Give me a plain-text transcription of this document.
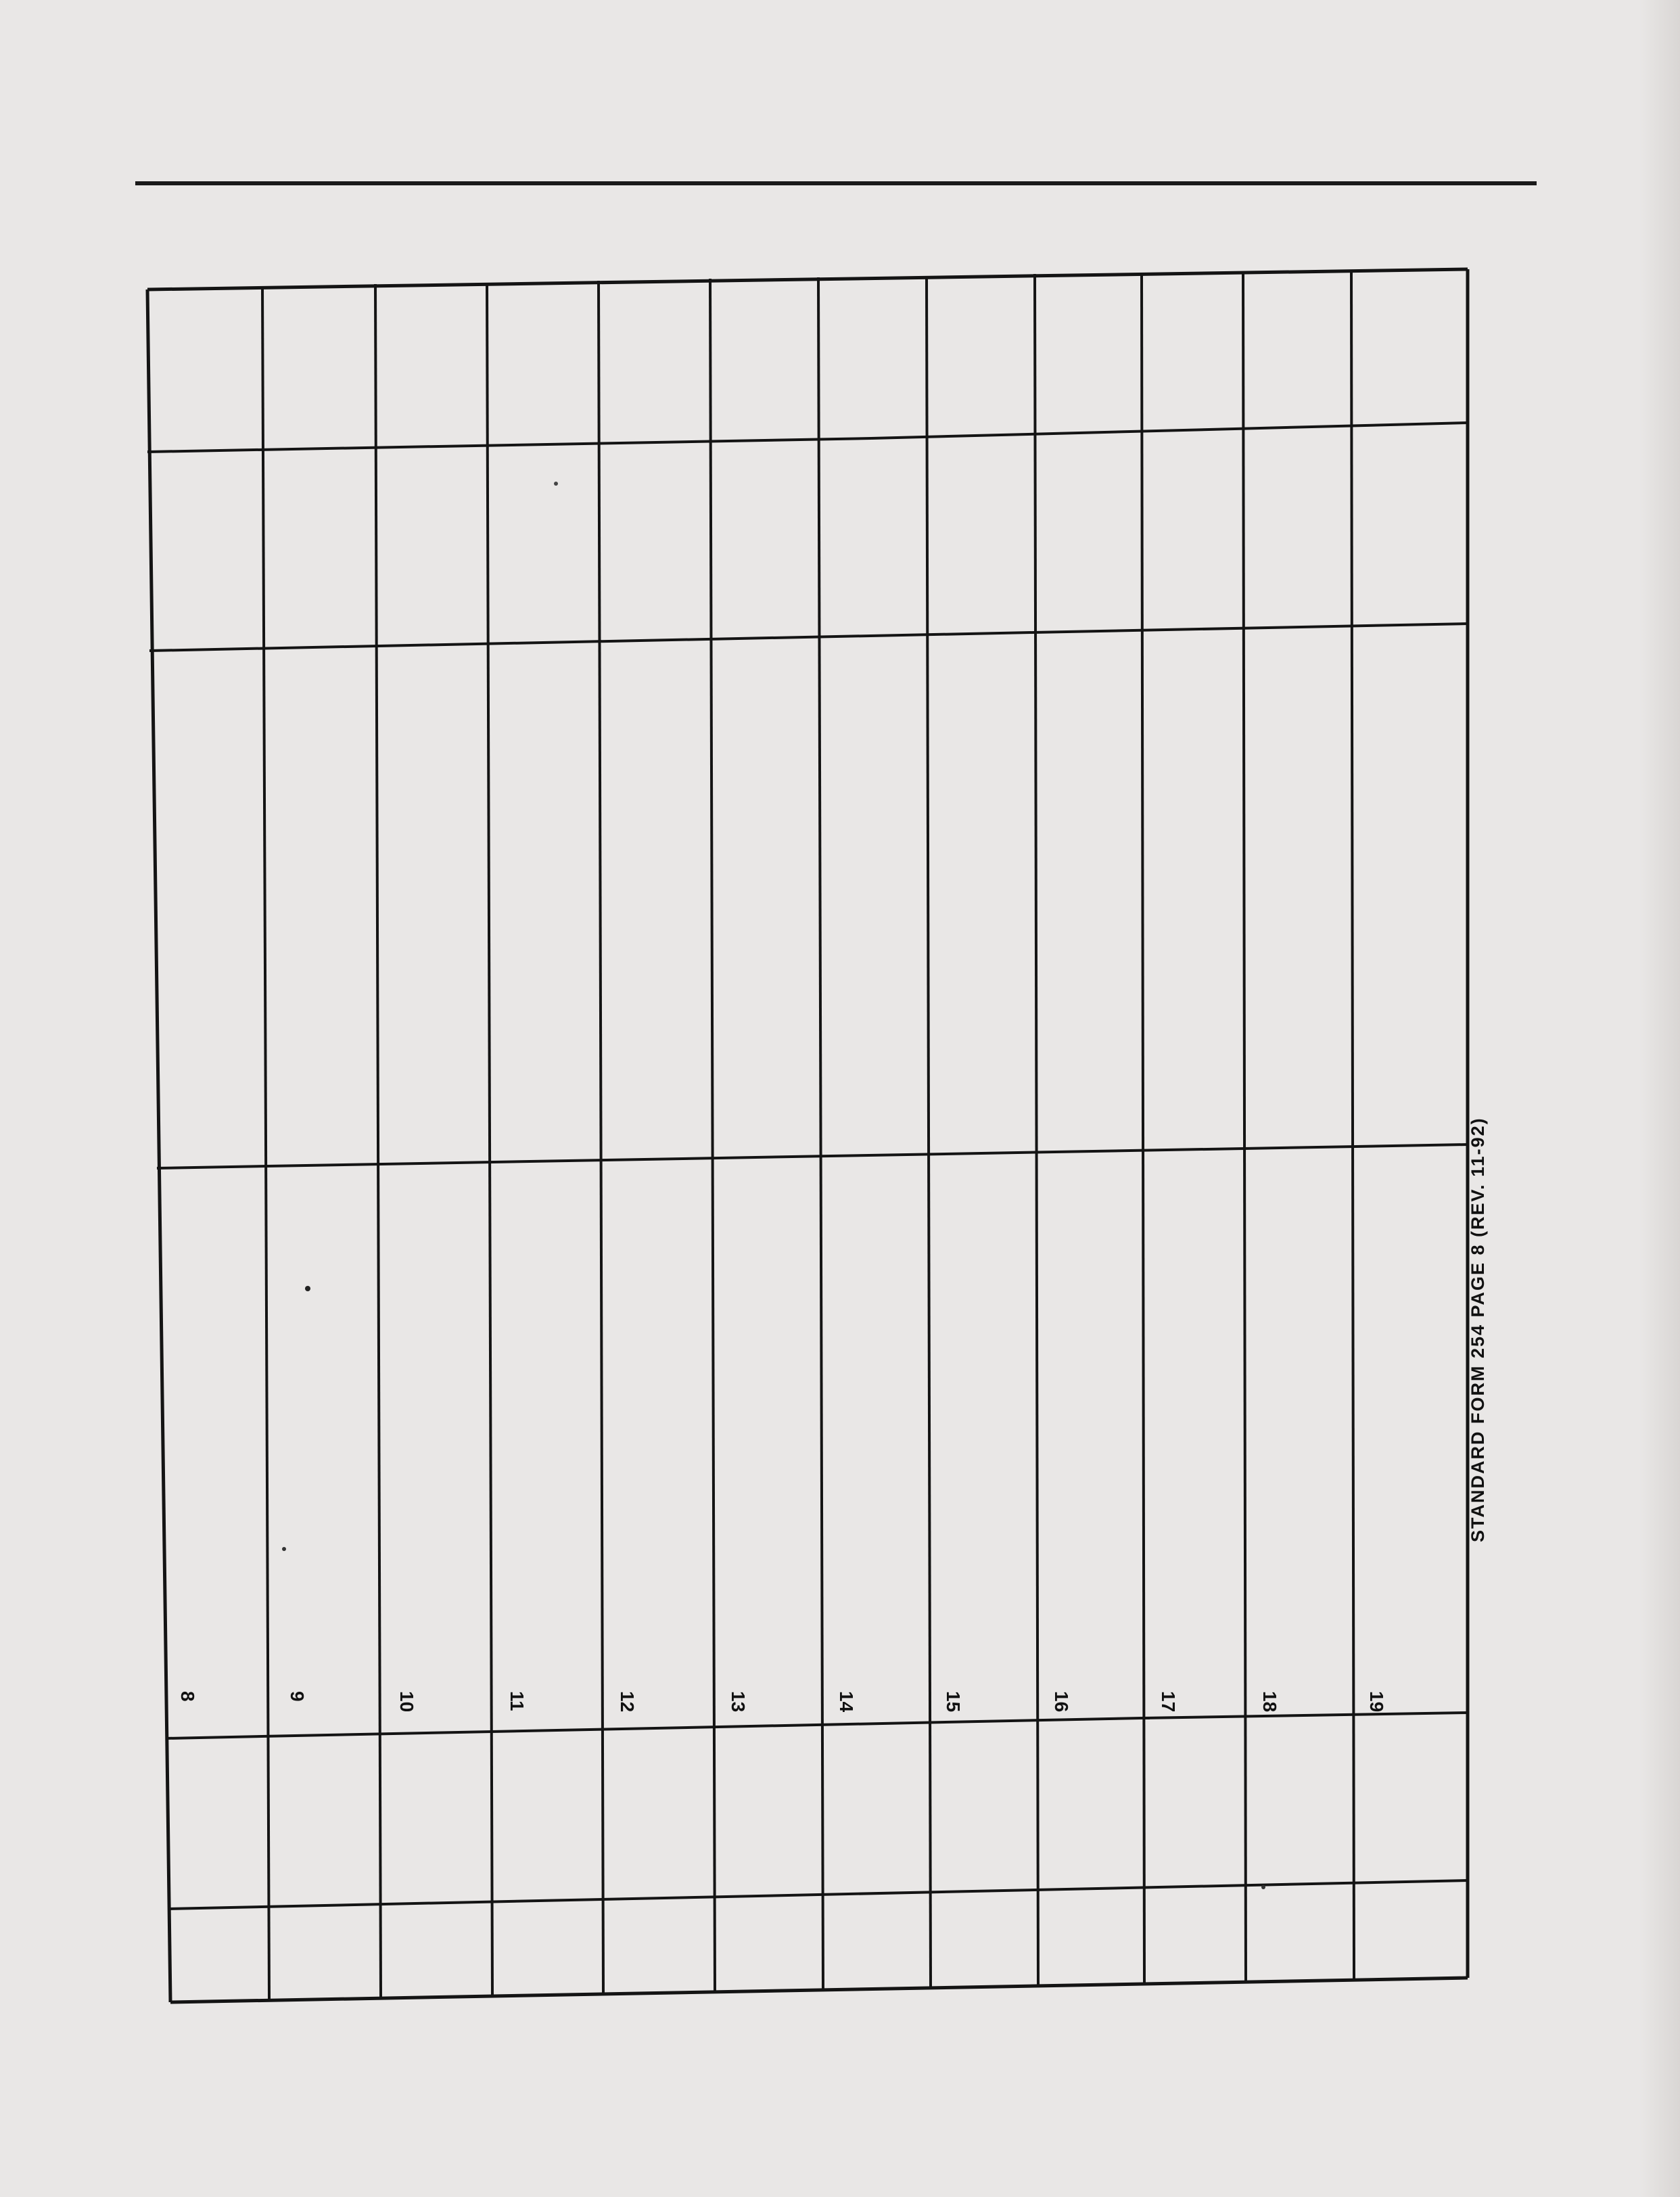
8	9	10	11	12	13	14	15	16	17	18	19
STANDARD FORM 254 PAGE 8 (REV. 11-92)
